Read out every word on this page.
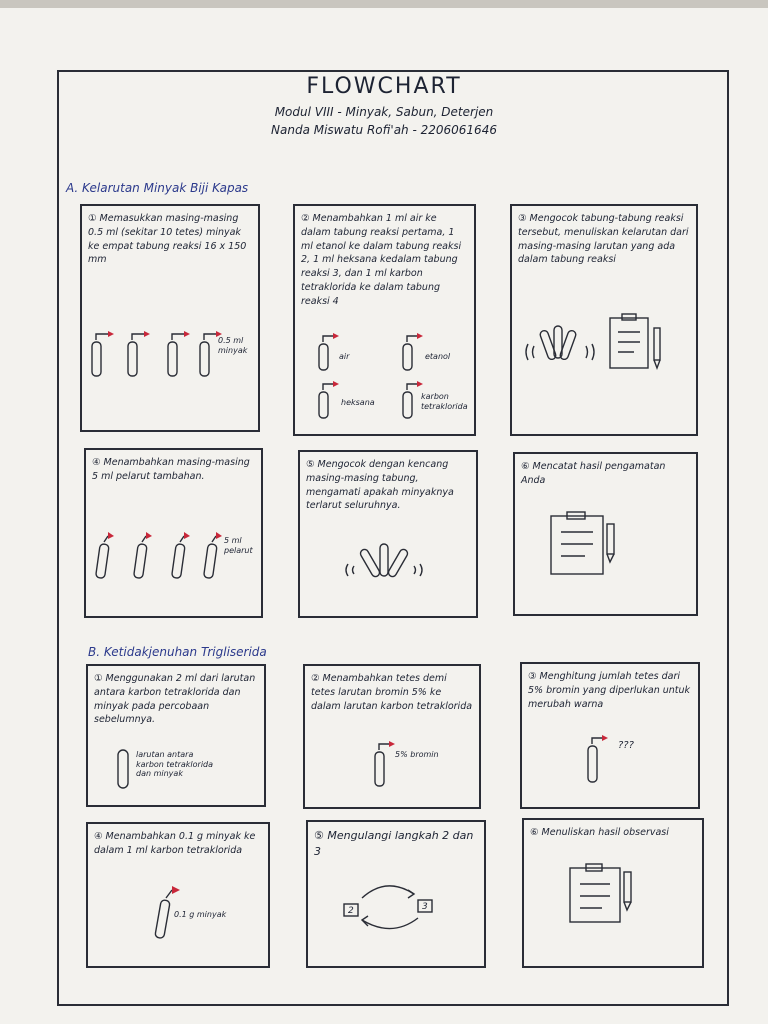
FLOWCHART
Modul VIII - Minyak, Sabun, Deterjen
Nanda Miswatu Rofi'ah - 2206061646
A. Kelarutan Minyak Biji Kapas
① Memasukkan masing-masing 0.5 ml (sekitar 10 tetes) minyak ke empat tabung reaksi 16 x 150 mm
0.5 ml
minyak
② Menambahkan 1 ml air ke dalam tabung reaksi pertama, 1 ml etanol ke dalam tabung reaksi 2, 1 ml heksana kedalam tabung reaksi 3, dan 1 ml karbon tetraklorida ke dalam tabung reaksi 4
air	etanol
heksana
karbon
tetraklorida
③ Mengocok tabung-tabung reaksi tersebut, menuliskan kelarutan dari masing-masing larutan yang ada dalam tabung reaksi
④ Menambahkan masing-masing 5 ml pelarut tambahan.
5 ml
pelarut
⑤ Mengocok dengan kencang masing-masing tabung, mengamati apakah minyaknya terlarut seluruhnya.
⑥ Mencatat hasil pengamatan Anda
B. Ketidakjenuhan Trigliserida
① Menggunakan 2 ml dari larutan antara karbon tetraklorida dan minyak pada percobaan sebelumnya.
larutan antara
karbon tetraklorida
dan minyak
② Menambahkan tetes demi tetes larutan bromin 5% ke dalam larutan karbon tetraklorida
5% bromin
③ Menghitung jumlah tetes dari 5% bromin yang diperlukan untuk merubah warna
???
④ Menambahkan 0.1 g minyak ke dalam 1 ml karbon tetraklorida
0.1 g minyak
⑤ Mengulangi langkah 2 dan 3
2	3
⑥ Menuliskan hasil observasi
